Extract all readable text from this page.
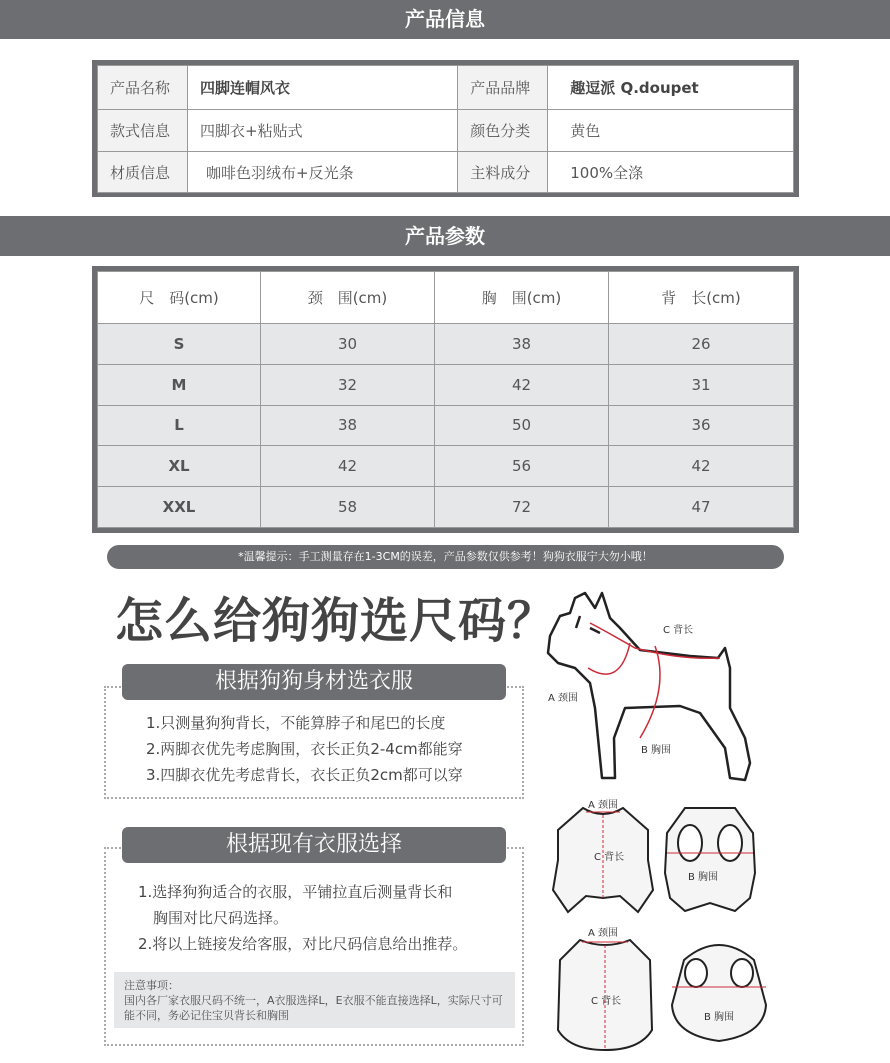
产品信息
产品名称	四脚连帽风衣	产品品牌	趣逗派 Q.doupet
款式信息	四脚衣+粘贴式	颜色分类	黄色
材质信息	咖啡色羽绒布+反光条	主料成分	100%全涤
产品参数
尺　码(cm)	颈　围(cm)	胸　围(cm)	背　长(cm)
S	30	38	26
M	32	42	31
L	38	50	36
XL	42	56	42
XXL	58	72	47
*温馨提示：手工测量存在1-3CM的误差，产品参数仅供参考！狗狗衣服宁大勿小哦！
怎么给狗狗选尺码？
根据狗狗身材选衣服
1.只测量狗狗背长，不能算脖子和尾巴的长度
2.两脚衣优先考虑胸围，衣长正负2-4cm都能穿
3.四脚衣优先考虑背长，衣长正负2cm都可以穿
根据现有衣服选择
1.选择狗狗适合的衣服，平铺拉直后测量背长和
胸围对比尺码选择。
2.将以上链接发给客服，对比尺码信息给出推荐。
注意事项：
国内各厂家衣服尺码不统一，A衣服选择L，E衣服不能直接选择L，实际尺寸可能不同，务必记住宝贝背长和胸围
C 背长
A 颈围
B 胸围
A 颈围
C 背长
B 胸围
A 颈围
C 背长
B 胸围
